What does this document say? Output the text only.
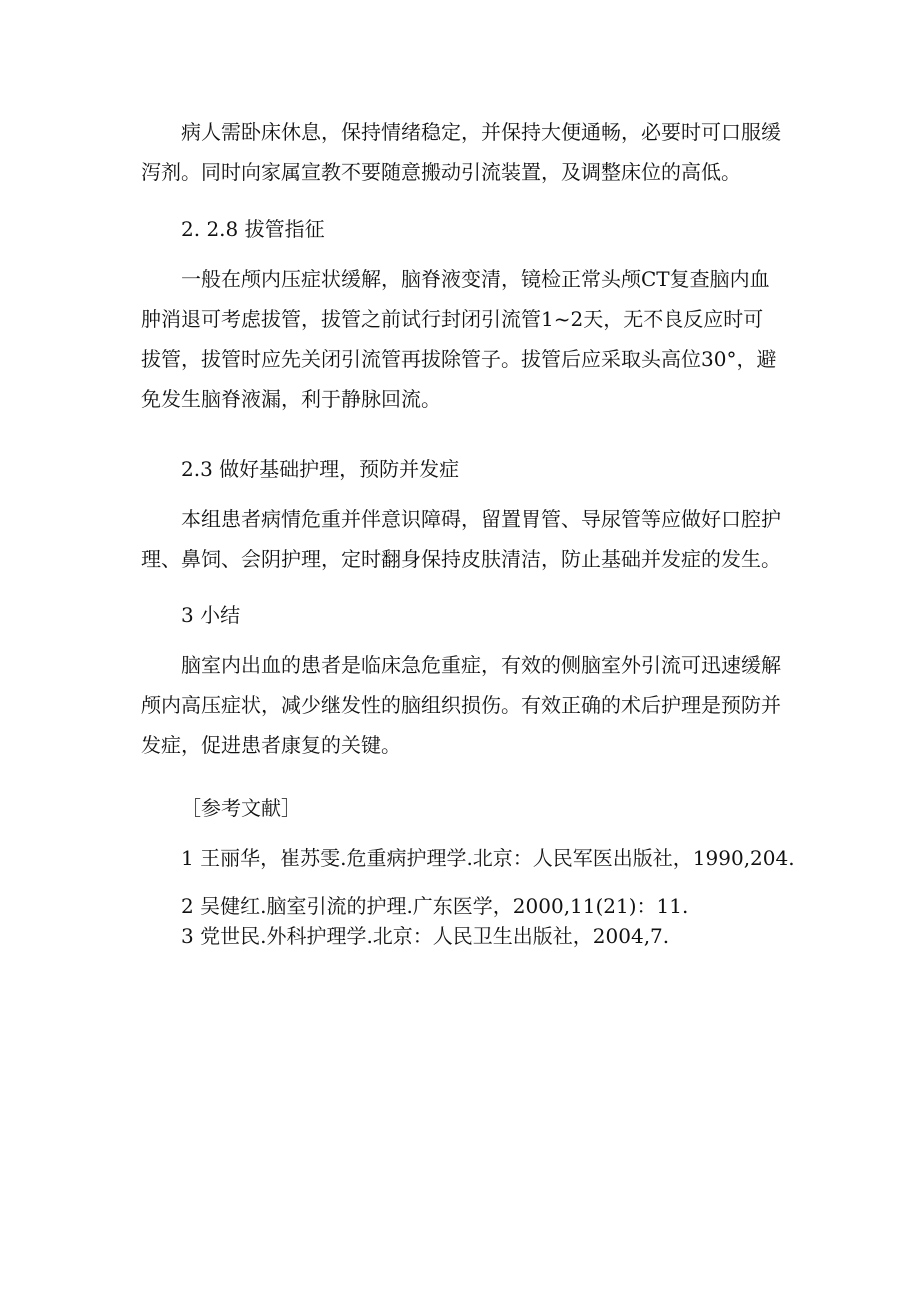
病人需卧床休息，保持情绪稳定，并保持大便通畅，必要时可口服缓泻剂。同时向家属宣教不要随意搬动引流装置，及调整床位的高低。

2. 2.8 拔管指征

一般在颅内压症状缓解，脑脊液变清，镜检正常头颅CT复查脑内血肿消退可考虑拔管，拔管之前试行封闭引流管1~2天，无不良反应时可拔管，拔管时应先关闭引流管再拔除管子。拔管后应采取头高位30°，避免发生脑脊液漏，利于静脉回流。

2.3 做好基础护理，预防并发症

本组患者病情危重并伴意识障碍，留置胃管、导尿管等应做好口腔护理、鼻饲、会阴护理，定时翻身保持皮肤清洁，防止基础并发症的发生。

3 小结

脑室内出血的患者是临床急危重症，有效的侧脑室外引流可迅速缓解颅内高压症状，减少继发性的脑组织损伤。有效正确的术后护理是预防并发症，促进患者康复的关键。

［参考文献］

1 王丽华，崔苏雯.危重病护理学.北京：人民军医出版社，1990,204.

2 吴健红.脑室引流的护理.广东医学，2000,11(21)：11.

3 党世民.外科护理学.北京：人民卫生出版社，2004,7.
